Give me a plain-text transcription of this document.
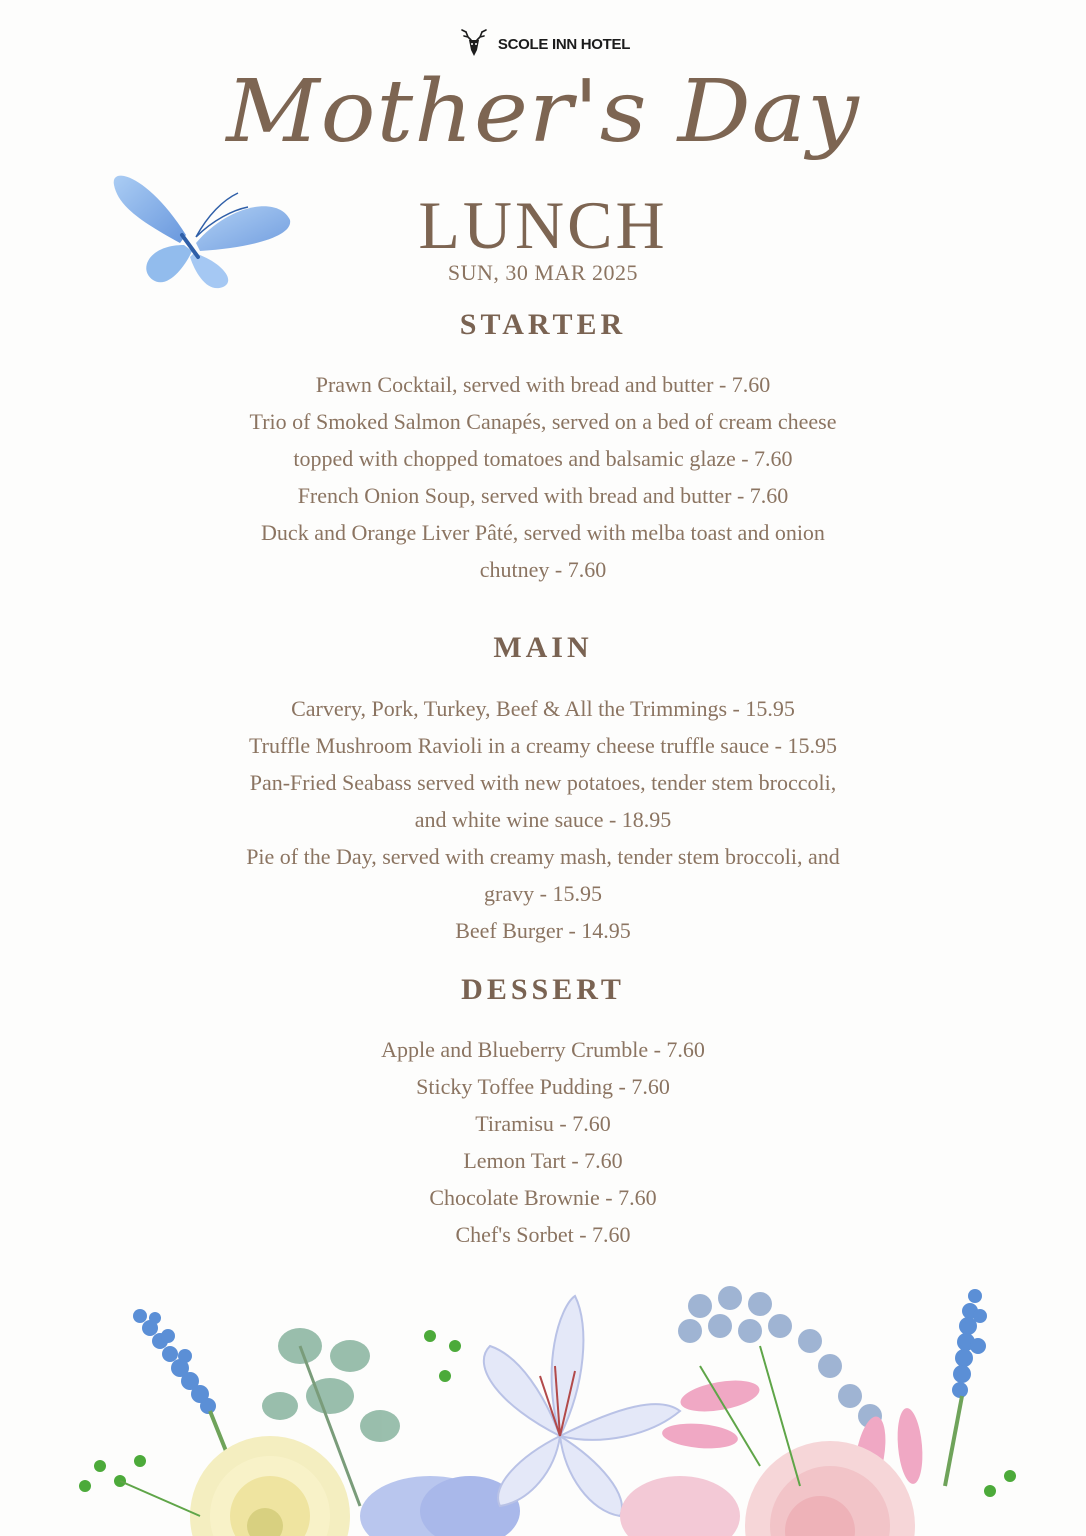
SCOLE INN HOTEL
Mother's Day
LUNCH
SUN, 30 MAR 2025
STARTER
Prawn Cocktail, served with bread and butter - 7.60
Trio of Smoked Salmon Canapés, served on a bed of cream cheese
topped with chopped tomatoes and balsamic glaze - 7.60
French Onion Soup, served with bread and butter - 7.60
Duck and Orange Liver Pâté, served with melba toast and onion
chutney - 7.60
MAIN
Carvery, Pork, Turkey, Beef & All the Trimmings - 15.95
Truffle Mushroom Ravioli in a creamy cheese truffle sauce - 15.95
Pan-Fried Seabass served with new potatoes, tender stem broccoli,
and white wine sauce - 18.95
Pie of the Day, served with creamy mash, tender stem broccoli, and
gravy - 15.95
Beef Burger - 14.95
DESSERT
Apple and Blueberry Crumble - 7.60
Sticky Toffee Pudding - 7.60
Tiramisu - 7.60
Lemon Tart - 7.60
Chocolate Brownie - 7.60
Chef's Sorbet - 7.60
